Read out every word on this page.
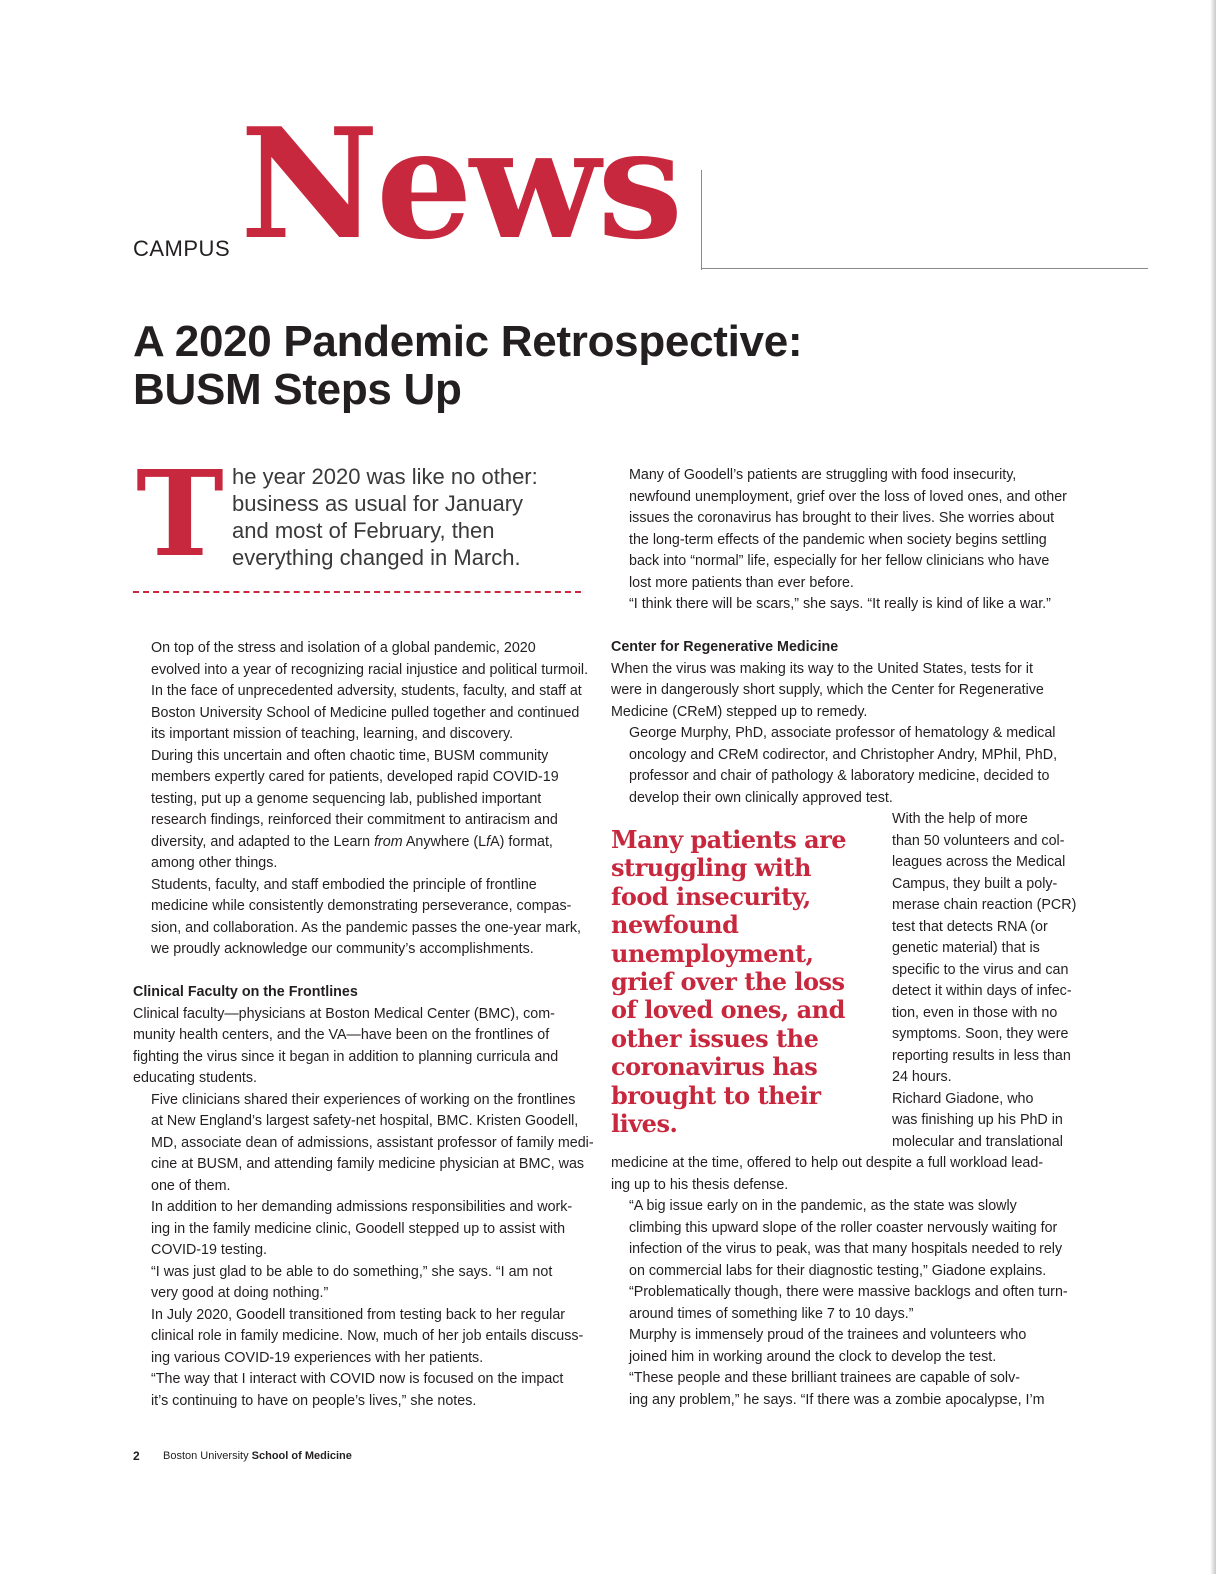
CAMPUS News
A 2020 Pandemic Retrospective:
BUSM Steps Up
T he year 2020 was like no other:
business as usual for January
and most of February, then
everything changed in March.

On top of the stress and isolation of a global pandemic, 2020
evolved into a year of recognizing racial injustice and political turmoil.
In the face of unprecedented adversity, students, faculty, and staff at
Boston University School of Medicine pulled together and continued
its important mission of teaching, learning, and discovery.

During this uncertain and often chaotic time, BUSM community
members expertly cared for patients, developed rapid COVID-19
testing, put up a genome sequencing lab, published important
research findings, reinforced their commitment to antiracism and
diversity, and adapted to the Learn from Anywhere (LfA) format,
among other things.

Students, faculty, and staff embodied the principle of frontline
medicine while consistently demonstrating perseverance, compas-
sion, and collaboration. As the pandemic passes the one-year mark,
we proudly acknowledge our community’s accomplishments.

Clinical Faculty on the Frontlines

Clinical faculty—physicians at Boston Medical Center (BMC), com-
munity health centers, and the VA—have been on the frontlines of
fighting the virus since it began in addition to planning curricula and
educating students.

Five clinicians shared their experiences of working on the frontlines
at New England’s largest safety-net hospital, BMC. Kristen Goodell,
MD, associate dean of admissions, assistant professor of family medi-
cine at BUSM, and attending family medicine physician at BMC, was
one of them.

In addition to her demanding admissions responsibilities and work-
ing in the family medicine clinic, Goodell stepped up to assist with
COVID-19 testing.

“I was just glad to be able to do something,” she says. “I am not
very good at doing nothing.”

In July 2020, Goodell transitioned from testing back to her regular
clinical role in family medicine. Now, much of her job entails discuss-
ing various COVID-19 experiences with her patients.

“The way that I interact with COVID now is focused on the impact
it’s continuing to have on people’s lives,” she notes.

Many of Goodell’s patients are struggling with food insecurity,
newfound unemployment, grief over the loss of loved ones, and other
issues the coronavirus has brought to their lives. She worries about
the long-term effects of the pandemic when society begins settling
back into “normal” life, especially for her fellow clinicians who have
lost more patients than ever before.

“I think there will be scars,” she says. “It really is kind of like a war.”

Center for Regenerative Medicine

When the virus was making its way to the United States, tests for it
were in dangerously short supply, which the Center for Regenerative
Medicine (CReM) stepped up to remedy.

George Murphy, PhD, associate professor of hematology & medical
oncology and CReM codirector, and Christopher Andry, MPhil, PhD,
professor and chair of pathology & laboratory medicine, decided to
develop their own clinically approved test.

Many patients are
struggling with
food insecurity,
newfound
unemployment,
grief over the loss
of loved ones, and
other issues the
coronavirus has
brought to their
lives.

With the help of more
than 50 volunteers and col-
leagues across the Medical
Campus, they built a poly-
merase chain reaction (PCR)
test that detects RNA (or
genetic material) that is
specific to the virus and can
detect it within days of infec-
tion, even in those with no
symptoms. Soon, they were
reporting results in less than
24 hours.

Richard Giadone, who
was finishing up his PhD in
molecular and translational

medicine at the time, offered to help out despite a full workload lead-
ing up to his thesis defense.

“A big issue early on in the pandemic, as the state was slowly
climbing this upward slope of the roller coaster nervously waiting for
infection of the virus to peak, was that many hospitals needed to rely
on commercial labs for their diagnostic testing,” Giadone explains.
“Problematically though, there were massive backlogs and often turn-
around times of something like 7 to 10 days.”

Murphy is immensely proud of the trainees and volunteers who
joined him in working around the clock to develop the test.

“These people and these brilliant trainees are capable of solv-
ing any problem,” he says. “If there was a zombie apocalypse, I’m

2 Boston University School of Medicine
